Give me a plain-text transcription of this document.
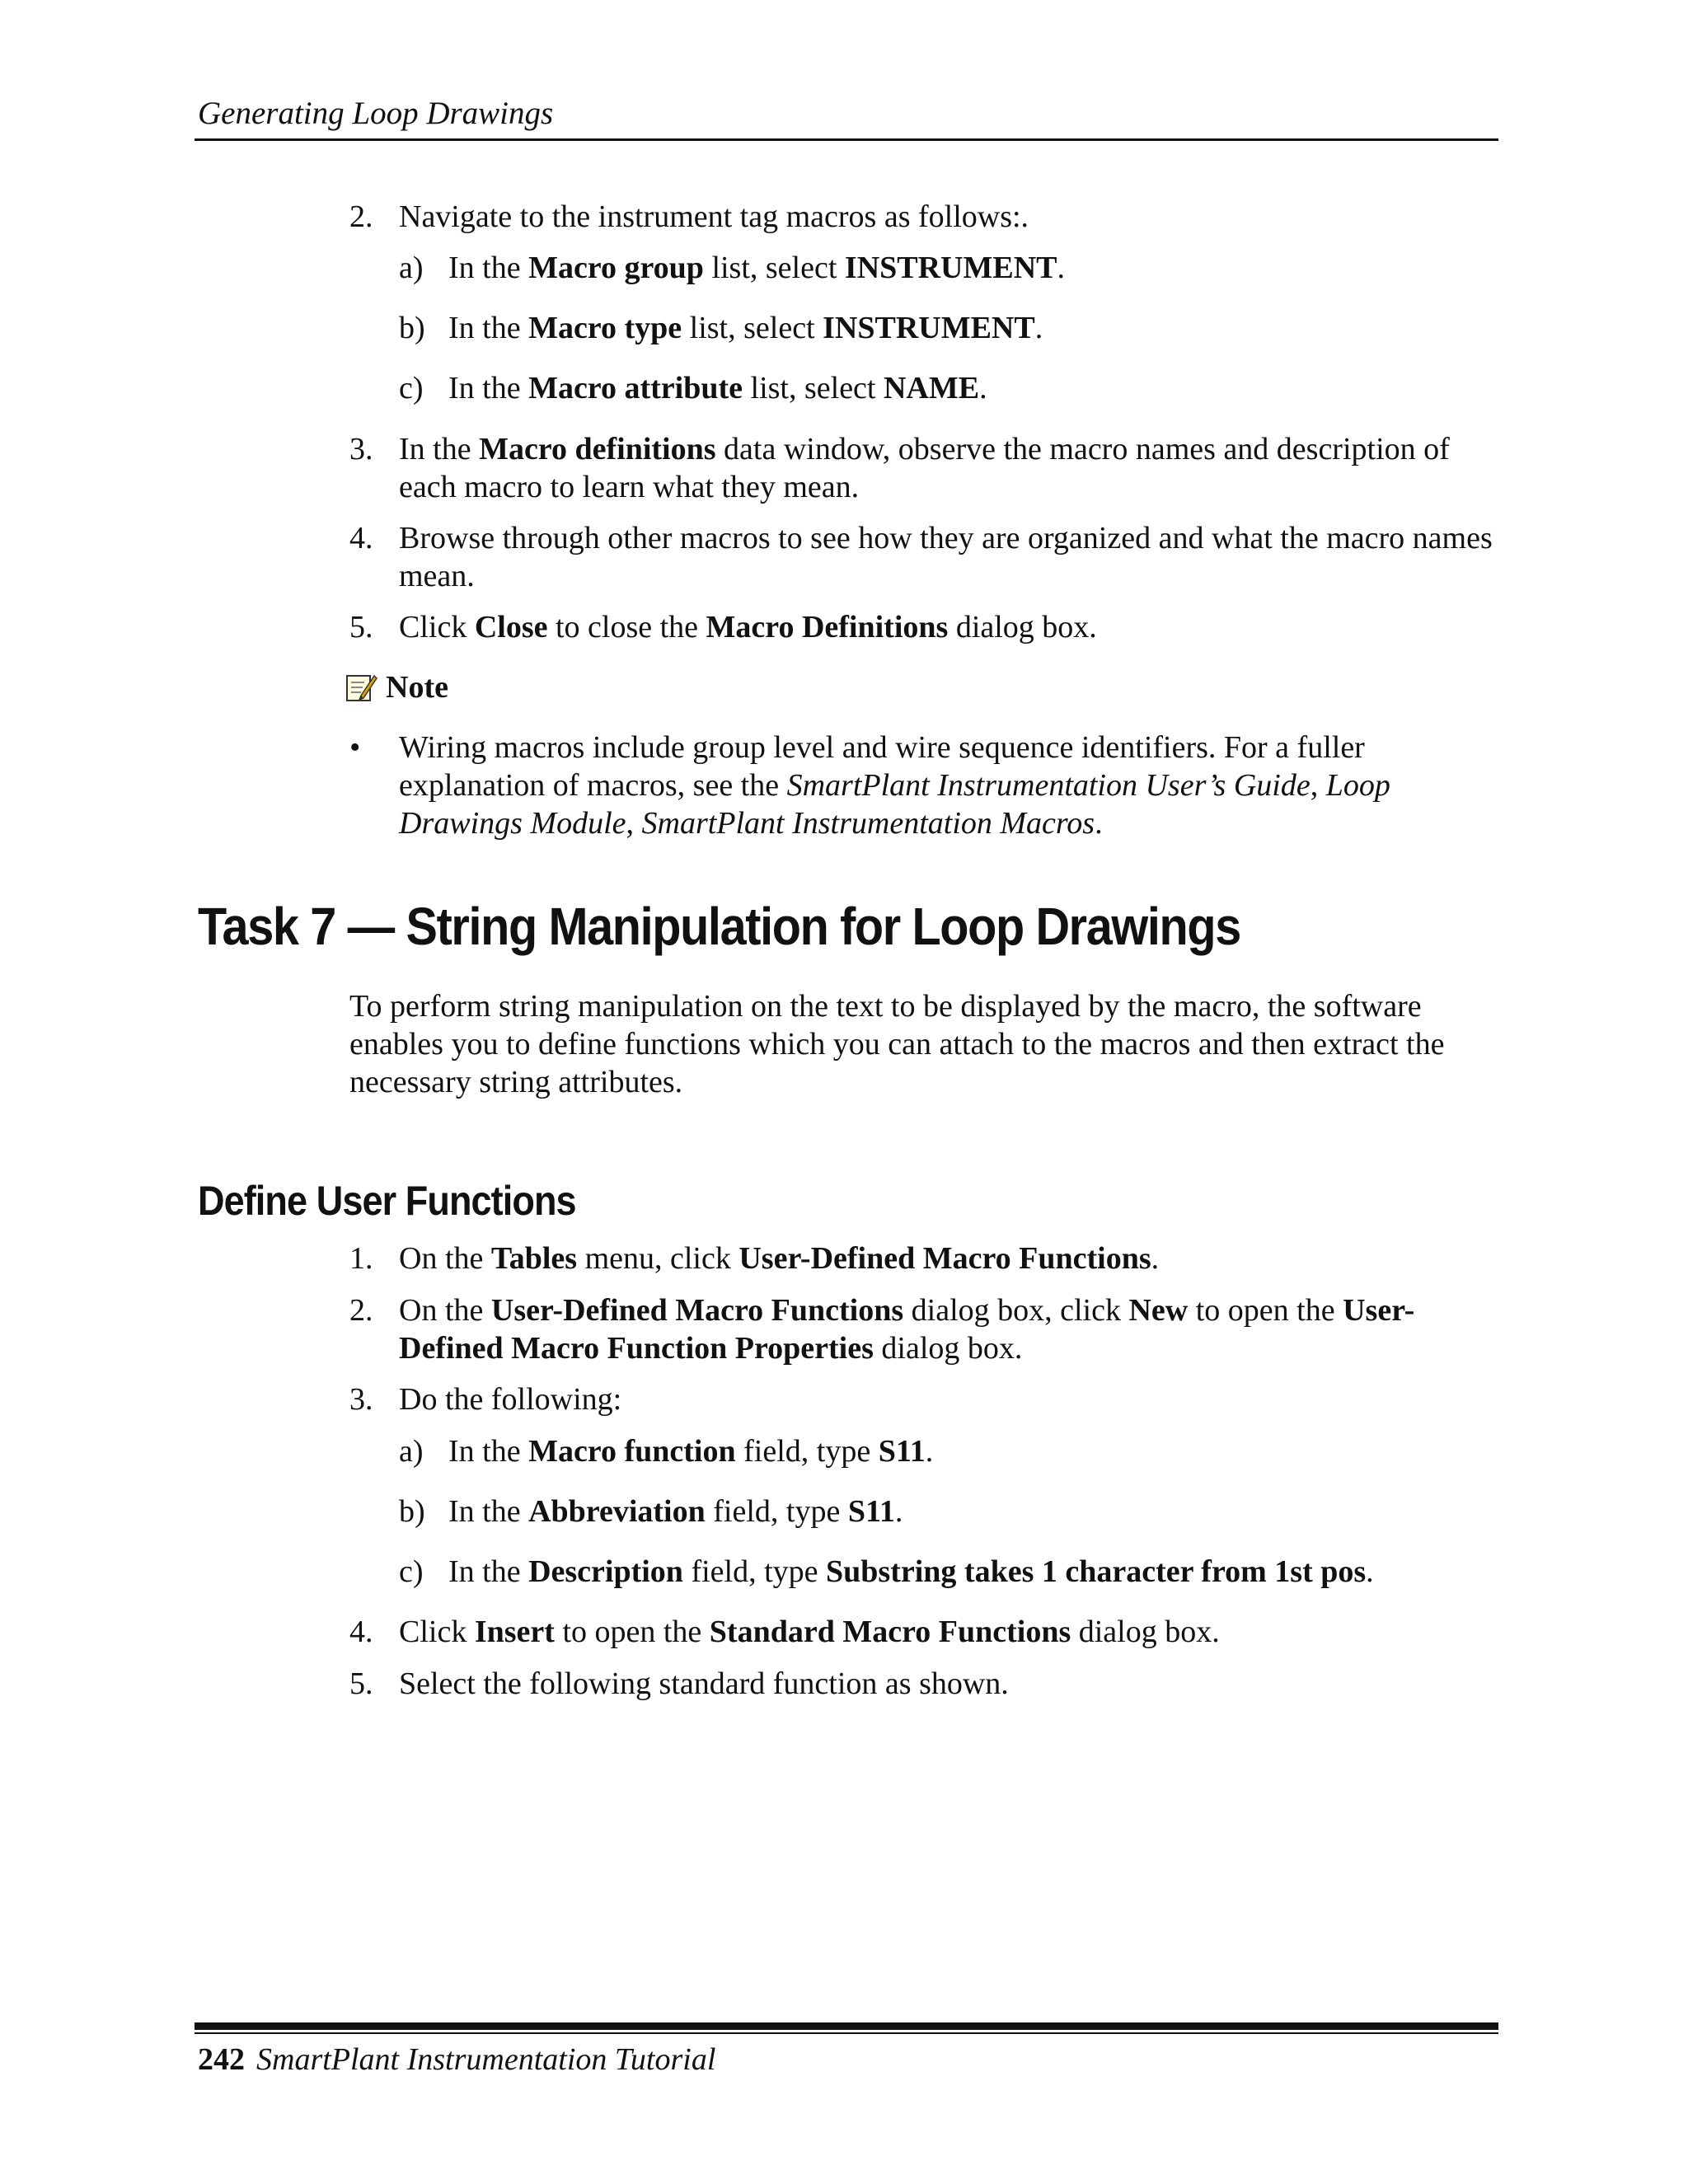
Generating Loop Drawings
2. Navigate to the instrument tag macros as follows:.
a) In the Macro group list, select INSTRUMENT.
b) In the Macro type list, select INSTRUMENT.
c) In the Macro attribute list, select NAME.
3. In the Macro definitions data window, observe the macro names and description of each macro to learn what they mean.
4. Browse through other macros to see how they are organized and what the macro names mean.
5. Click Close to close the Macro Definitions dialog box.
Note
• Wiring macros include group level and wire sequence identifiers. For a fuller explanation of macros, see the SmartPlant Instrumentation User’s Guide, Loop Drawings Module, SmartPlant Instrumentation Macros.
Task 7 — String Manipulation for Loop Drawings
To perform string manipulation on the text to be displayed by the macro, the software enables you to define functions which you can attach to the macros and then extract the necessary string attributes.
Define User Functions
1. On the Tables menu, click User-Defined Macro Functions.
2. On the User-Defined Macro Functions dialog box, click New to open the User-Defined Macro Function Properties dialog box.
3. Do the following:
a) In the Macro function field, type S11.
b) In the Abbreviation field, type S11.
c) In the Description field, type Substring takes 1 character from 1st pos.
4. Click Insert to open the Standard Macro Functions dialog box.
5. Select the following standard function as shown.
242 SmartPlant Instrumentation Tutorial
